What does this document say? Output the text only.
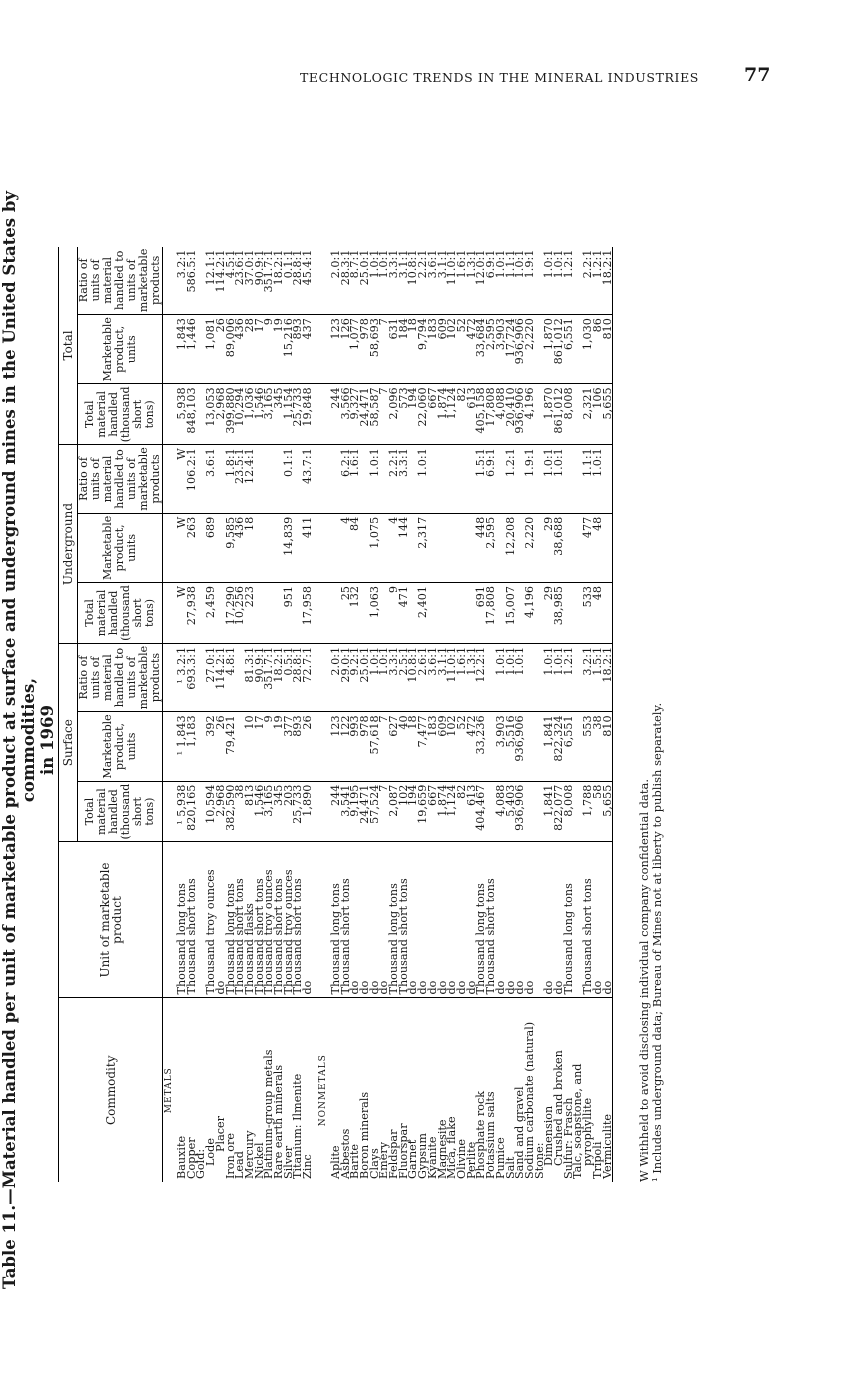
TECHNOLOGIC TRENDS IN THE MINERAL INDUSTRIES 77
Table 11.—Material handled per unit of marketable product at surface and underground mines in the United States by commodities, in 1969
Commodity	Unit of marketable product	Surface			Underground			Total		
		Total material handled (thousand short tons)	Marketable product, units	Ratio of units of material handled to units of marketable products	Total material handled (thousand short tons)	Marketable product, units	Ratio of units of material handled to units of marketable products	Total material handled (thousand short tons)	Marketable product, units	Ratio of units of material handled to units of marketable products
METALS										
Bauxite	Thousand long tons	¹ 5,938	¹ 1,843	¹ 3.2:1	W	W	W	5,938	1,843	3.2:1
Copper	Thousand short tons	820,165	1,183	693.3:1	27,938	263	106.2:1	848,103	1,446	586.5:1
Gold:										
Lode	Thousand troy ounces	10,594	392	27.0:1	2,459	689	3.6:1	13,053	1,081	12.1:1
Placer	do	2,968	26	114.2:1				2,968	26	114.2:1
Iron ore	Thousand long tons	382,590	79,421	4.8:1	17,290	9,585	1.8:1	399,880	89,006	4.5:1
Lead	Thousand short tons	38			10,256	436	23.5:1	10,294	436	23.6:1
Mercury	Thousand flasks	813	10	81.3:1	223	18	12.4:1	1,036	28	37.0:1
Nickel	Thousand short tons	1,546	17	90.9:1				1,546	17	90.9:1
Platinum-group metals	Thousand troy ounces	3,165	9	351.7:1				3,165	9	351.7:1
Rare earth minerals	Thousand short tons	345	19	18.2:1				345	19	18.2:1
Silver	Thousand troy ounces	203	377	0.5:1	951	14,839	0.1:1	1,154	15,216	0.1:1
Titanium: Ilmenite	Thousand short tons	25,733	893	28.8:1				25,733	893	28.8:1
Zinc	do	1,890	26	72.7:1	17,958	411	43.7:1	19,848	437	45.4:1

NONMETALS										
Aplite	Thousand long tons	244	123	2.0:1				244	123	2.0:1
Asbestos	Thousand short tons	3,541	122	29.0:1	25	4	6.2:1	3,566	126	28.3:1
Barite	do	9,195	993	9.2:1	132	84	1.6:1	9,327	1,077	8.7:1
Boron minerals	do	24,471	978	25.0:1				24,471	978	25.0:1
Clays	do	57,524	57,618	1.0:1	1,063	1,075	1.0:1	58,587	58,693	1.0:1
Emery	do	7	7	1.0:1				7	7	1.0:1
Feldspar	Thousand long tons	2,087	627	3.3:1	9	4	2.2:1	2,096	631	3.3:1
Fluorspar	Thousand short tons	102	40	2.5:1	471	144	3.3:1	573	184	3.1:1
Garnet	do	194	18	10.8:1				194	18	10.8:1
Gypsum	do	19,659	7,477	2.6:1	2,401	2,317	1.0:1	22,060	9,794	2.2:1
Kyanite	do	667	183	3.6:1				667	183	3.6:1
Magnesite	do	1,874	609	3.1:1				1,874	609	3.1:1
Mica, flake	do	1,124	102	11.0:1				1,124	102	11.0:1
Olivine	do	82	52	1.6:1				82	52	1.6:1
Perlite	do	613	472	1.3:1				613	472	1.3:1
Phosphate rock	Thousand long tons	404,467	33,236	12.2:1	691	448	1.5:1	405,158	33,684	12.0:1
Potassium salts	Thousand short tons				17,808	2,595	6.9:1	17,808	2,595	6.9:1
Pumice	do	4,088	3,903	1.0:1				4,088	3,903	1.0:1
Salt	do	5,403	5,516	1.0:1	15,007	12,208	1.2:1	20,410	17,724	1.1:1
Sand and gravel	do	936,906	936,906	1.0:1				936,906	936,906	1.0:1
Sodium carbonate (natural)	do				4,196	2,220	1.9:1	4,196	2,220	1.9:1
Stone:										
Dimension	do	1,841	1,841	1.0:1	29	29	1.0:1	1,870	1,870	1.0:1
Crushed and broken	do	822,077	822,324	1.0:1	38,985	38,688	1.0:1	861,012	861,012	1.0:1
Sulfur: Frasch	Thousand long tons	8,008	6,551	1.2:1				8,008	6,551	1.2:1
Talc, soapstone, and										
pyrophyllite	Thousand short tons	1,788	553	3.2:1	533	477	1.1:1	2,321	1,030	2.2:1
Tripoli	do	58	38	1.5:1	48	48	1.0:1	106	86	1.2:1
Vermiculite	do	5,655	810	18.2:1				5,655	810	18.2:1
W Withheld to avoid disclosing individual company confidential data. ¹ Includes underground data; Bureau of Mines not at liberty to publish separately.
